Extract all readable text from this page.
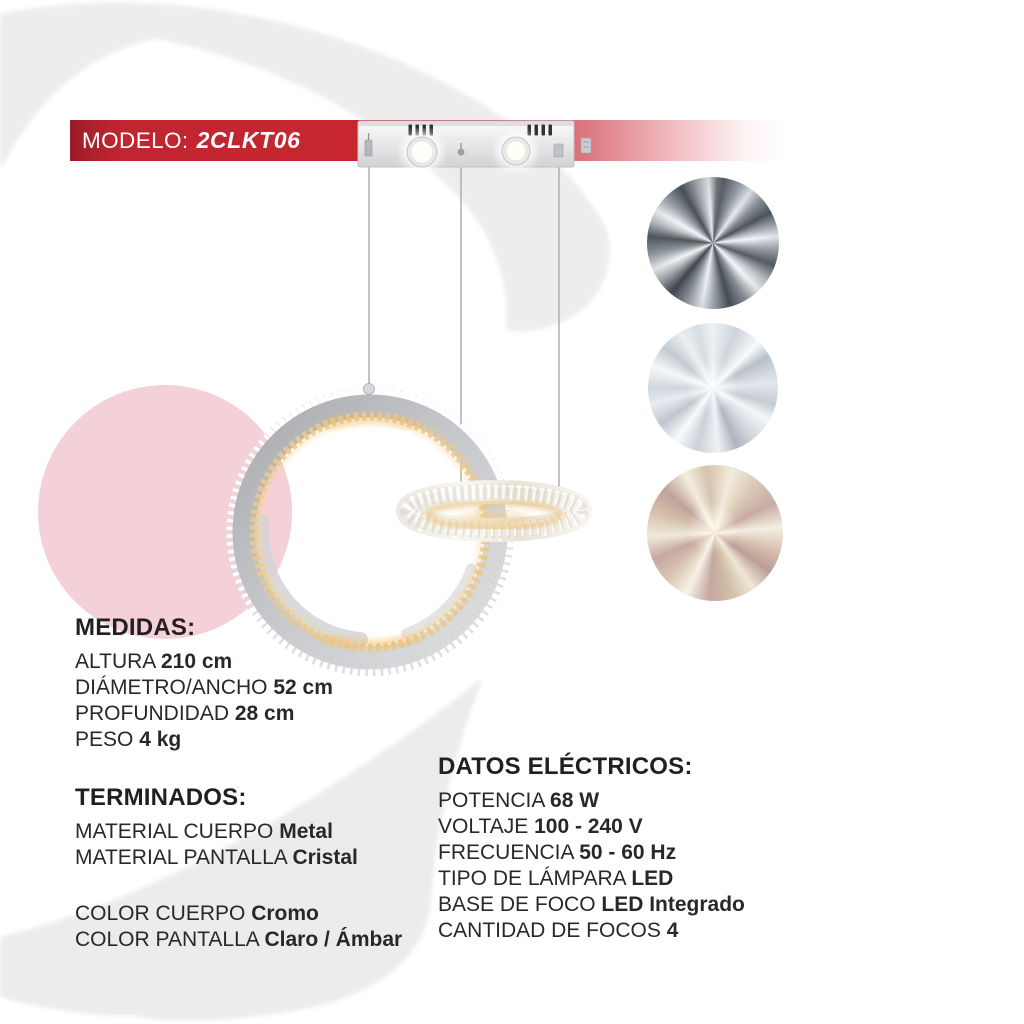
MODELO: 2CLKT06
MEDIDAS:
ALTURA 210 cm
DIÁMETRO/ANCHO 52 cm
PROFUNDIDAD 28 cm
PESO 4 kg
TERMINADOS:
MATERIAL CUERPO Metal
MATERIAL PANTALLA Cristal
COLOR CUERPO Cromo
COLOR PANTALLA Claro / Ámbar
DATOS ELÉCTRICOS:
POTENCIA 68 W
VOLTAJE 100 - 240 V
FRECUENCIA 50 - 60 Hz
TIPO DE LÁMPARA LED
BASE DE FOCO LED Integrado
CANTIDAD DE FOCOS 4
